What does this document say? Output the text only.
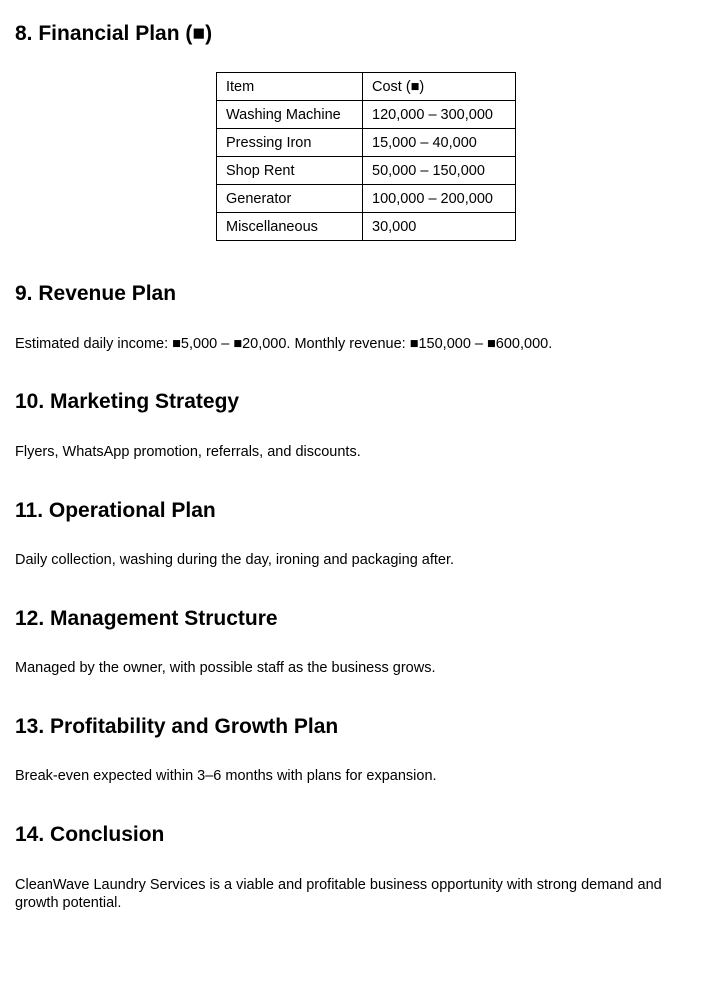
8. Financial Plan (■)
Item	Cost (■)
Washing Machine	120,000 – 300,000
Pressing Iron	15,000 – 40,000
Shop Rent	50,000 – 150,000
Generator	100,000 – 200,000
Miscellaneous	30,000
9. Revenue Plan

Estimated daily income: ■5,000 – ■20,000. Monthly revenue: ■150,000 – ■600,000.

10. Marketing Strategy

Flyers, WhatsApp promotion, referrals, and discounts.

11. Operational Plan

Daily collection, washing during the day, ironing and packaging after.

12. Management Structure

Managed by the owner, with possible staff as the business grows.

13. Profitability and Growth Plan

Break-even expected within 3–6 months with plans for expansion.

14. Conclusion

CleanWave Laundry Services is a viable and profitable business opportunity with strong demand and growth potential.
